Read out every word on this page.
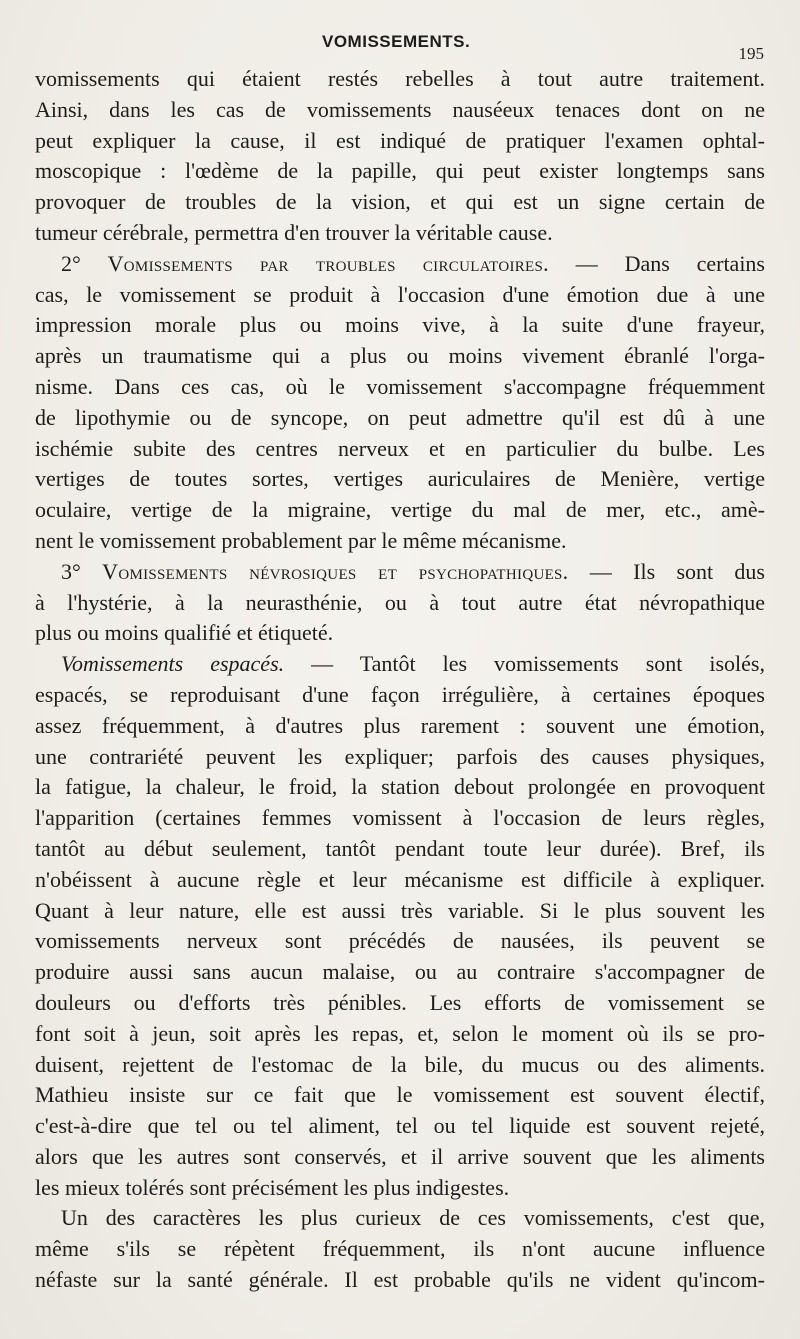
VOMISSEMENTS.
195
vomissements qui étaient restés rebelles à tout autre traitement.
Ainsi, dans les cas de vomissements nauséeux tenaces dont on ne
peut expliquer la cause, il est indiqué de pratiquer l'examen ophtal-
moscopique : l'œdème de la papille, qui peut exister longtemps sans
provoquer de troubles de la vision, et qui est un signe certain de
tumeur cérébrale, permettra d'en trouver la véritable cause.
2° Vomissements par troubles circulatoires. — Dans certains
cas, le vomissement se produit à l'occasion d'une émotion due à une
impression morale plus ou moins vive, à la suite d'une frayeur,
après un traumatisme qui a plus ou moins vivement ébranlé l'orga-
nisme. Dans ces cas, où le vomissement s'accompagne fréquemment
de lipothymie ou de syncope, on peut admettre qu'il est dû à une
ischémie subite des centres nerveux et en particulier du bulbe. Les
vertiges de toutes sortes, vertiges auriculaires de Menière, vertige
oculaire, vertige de la migraine, vertige du mal de mer, etc., amè-
nent le vomissement probablement par le même mécanisme.
3° Vomissements névrosiques et psychopathiques. — Ils sont dus
à l'hystérie, à la neurasthénie, ou à tout autre état névropathique
plus ou moins qualifié et étiqueté.
Vomissements espacés. — Tantôt les vomissements sont isolés,
espacés, se reproduisant d'une façon irrégulière, à certaines époques
assez fréquemment, à d'autres plus rarement : souvent une émotion,
une contrariété peuvent les expliquer; parfois des causes physiques,
la fatigue, la chaleur, le froid, la station debout prolongée en provoquent
l'apparition (certaines femmes vomissent à l'occasion de leurs règles,
tantôt au début seulement, tantôt pendant toute leur durée). Bref, ils
n'obéissent à aucune règle et leur mécanisme est difficile à expliquer.
Quant à leur nature, elle est aussi très variable. Si le plus souvent les
vomissements nerveux sont précédés de nausées, ils peuvent se
produire aussi sans aucun malaise, ou au contraire s'accompagner de
douleurs ou d'efforts très pénibles. Les efforts de vomissement se
font soit à jeun, soit après les repas, et, selon le moment où ils se pro-
duisent, rejettent de l'estomac de la bile, du mucus ou des aliments.
Mathieu insiste sur ce fait que le vomissement est souvent électif,
c'est-à-dire que tel ou tel aliment, tel ou tel liquide est souvent rejeté,
alors que les autres sont conservés, et il arrive souvent que les aliments
les mieux tolérés sont précisément les plus indigestes.
Un des caractères les plus curieux de ces vomissements, c'est que,
même s'ils se répètent fréquemment, ils n'ont aucune influence
néfaste sur la santé générale. Il est probable qu'ils ne vident qu'incom-
